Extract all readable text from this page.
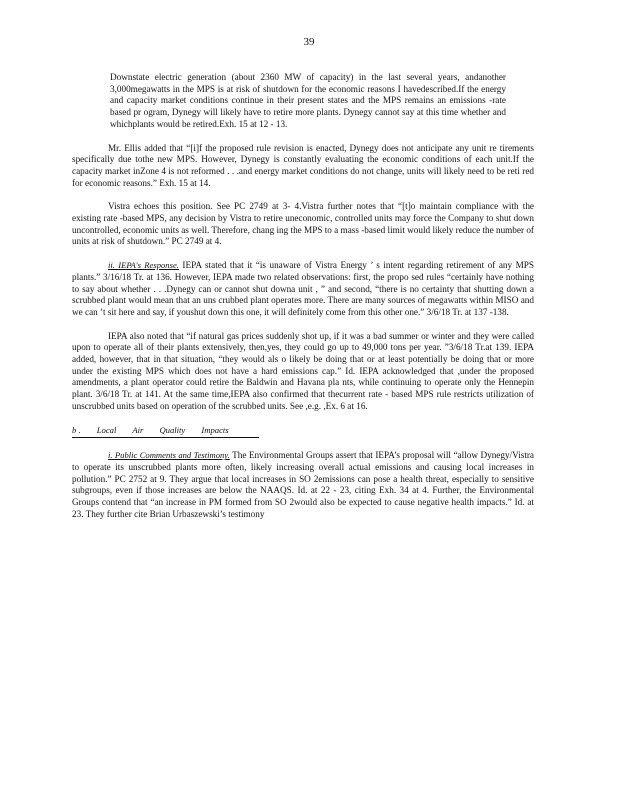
39

Downstate electric generation (about 2360 MW of capacity) in the last several years, andanother 3,000megawatts in the MPS is at risk of shutdown for the economic reasons I havedescribed.If the energy and capacity market conditions continue in their present states and the MPS remains an emissions -rate based pr ogram, Dynegy will likely have to retire more plants. Dynegy cannot say at this time whether and whichplants would be retired.Exh. 15 at 12 - 13.

Mr. Ellis added that “[i]f the proposed rule revision is enacted, Dynegy does not anticipate any unit re tirements specifically due tothe new MPS. However, Dynegy is constantly evaluating the economic conditions of each unit.If the capacity market inZone 4 is not reformed . . .and energy market conditions do not change, units will likely need to be reti red for economic reasons.” Exh. 15 at 14.

Vistra echoes this position. See PC 2749 at 3- 4.Vistra further notes that “[t]o maintain compliance with the existing rate -based MPS, any decision by Vistra to retire uneconomic, controlled units may force the Company to shut down uncontrolled, economic units as well. Therefore, chang ing the MPS to a mass -based limit would likely reduce the number of units at risk of shutdown.” PC 2749 at 4.

ii. IEPA's Response. IEPA stated that it “is unaware of Vistra Energy ’ s intent regarding retirement of any MPS plants.” 3/16/18 Tr. at 136. However, IEPA made two related observations: first, the propo sed rules “certainly have nothing to say about whether . . .Dynegy can or cannot shut downa unit , ” and second, “there is no certainty that shutting down a scrubbed plant would mean that an uns crubbed plant operates more. There are many sources of megawatts within MISO and we can ’t sit here and say, if youshut down this one, it will definitely come from this other one.” 3/6/18 Tr. at 137 -138.

IEPA also noted that “if natural gas prices suddenly shot up, if it was a bad summer or winter and they were called upon to operate all of their plants extensively, then,yes, they could go up to 49,000 tons per year. ”3/6/18 Tr.at 139. IEPA added, however, that in that situation, “they would als o likely be doing that or at least potentially be doing that or more under the existing MPS which does not have a hard emissions cap.” Id. IEPA acknowledged that ,under the proposed amendments, a plant operator could retire the Baldwin and Havana pla nts, while continuing to operate only the Hennepin plant. 3/6/18 Tr. at 141. At the same time,IEPA also confirmed that thecurrent rate - based MPS rule restricts utilization of unscrubbed units based on operation of the scrubbed units. See ,e.g. ,Ex. 6 at 16.

b . Local Air Quality Impacts

i. Public Comments and Testimony. The Environmental Groups assert that IEPA’s proposal will “allow Dynegy/Vistra to operate its unscrubbed plants more often, likely increasing overall actual emissions and causing local increases in pollution.” PC 2752 at 9. They argue that local increases in SO 2emissions can pose a health threat, especially to sensitive subgroups, even if those increases are below the NAAQS. Id. at 22 - 23, citing Exh. 34 at 4. Further, the Environmental Groups contend that “an increase in PM formed from SO 2would also be expected to cause negative health impacts.” Id. at 23. They further cite Brian Urbaszewski’s testimony
